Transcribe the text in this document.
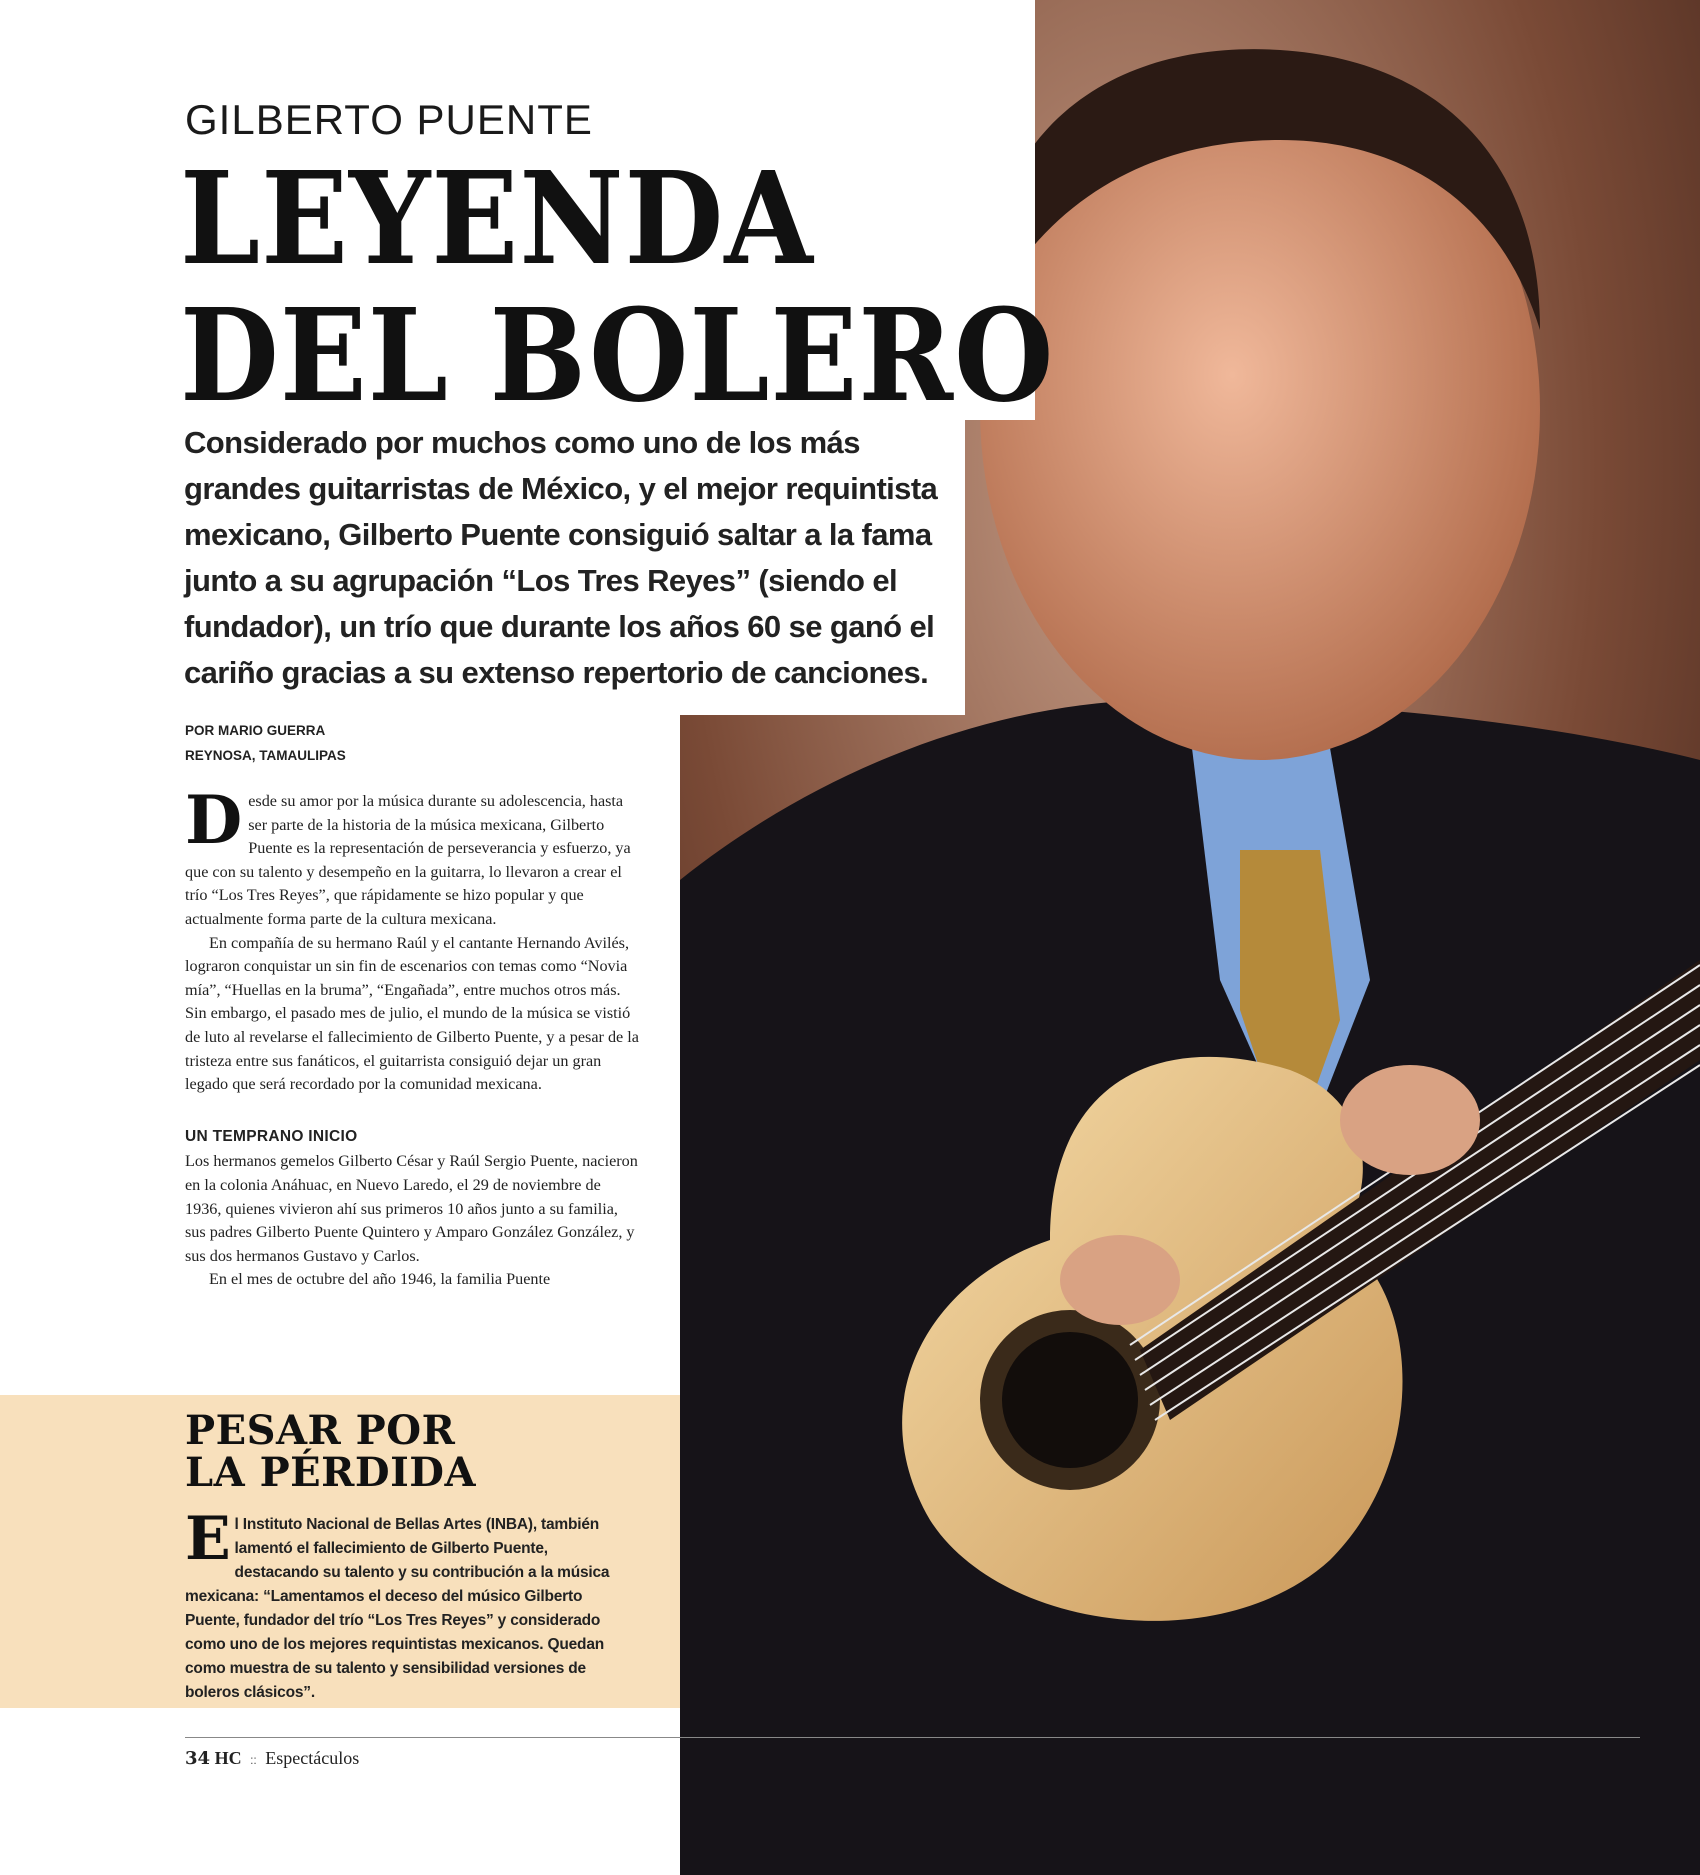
GILBERTO PUENTE
LEYENDA
DEL BOLERO

Considerado por muchos como uno de los más grandes guitarristas de México, y el mejor requintista mexicano, Gilberto Puente consiguió saltar a la fama junto a su agrupación “Los Tres Reyes” (siendo el fundador), un trío que durante los años 60 se ganó el cariño gracias a su extenso repertorio de canciones.

POR MARIO GUERRA
REYNOSA, TAMAULIPAS

Desde su amor por la música durante su adolescencia, hasta ser parte de la historia de la música mexicana, Gilberto Puente es la representación de perseverancia y esfuerzo, ya que con su talento y desempeño en la guitarra, lo llevaron a crear el trío “Los Tres Reyes”, que rápidamente se hizo popular y que actualmente forma parte de la cultura mexicana.

En compañía de su hermano Raúl y el cantante Hernando Avilés, lograron conquistar un sin fin de escenarios con temas como “Novia mía”, “Huellas en la bruma”, “Engañada”, entre muchos otros más. Sin embargo, el pasado mes de julio, el mundo de la música se vistió de luto al revelarse el fallecimiento de Gilberto Puente, y a pesar de la tristeza entre sus fanáticos, el guitarrista consiguió dejar un gran legado que será recordado por la comunidad mexicana.

UN TEMPRANO INICIO

Los hermanos gemelos Gilberto César y Raúl Sergio Puente, nacieron en la colonia Anáhuac, en Nuevo Laredo, el 29 de noviembre de 1936, quienes vivieron ahí sus primeros 10 años junto a su familia, sus padres Gilberto Puente Quintero y Amparo González González, y sus dos hermanos Gustavo y Carlos.

En el mes de octubre del año 1946, la familia Puente

PESAR POR
LA PÉRDIDA

El Instituto Nacional de Bellas Artes (INBA), también lamentó el fallecimiento de Gilberto Puente, destacando su talento y su contribución a la música mexicana: “Lamentamos el deceso del músico Gilberto Puente, fundador del trío “Los Tres Reyes” y considerado como uno de los mejores requintistas mexicanos. Quedan como muestra de su talento y sensibilidad versiones de boleros clásicos”.

34 HC :: Espectáculos
